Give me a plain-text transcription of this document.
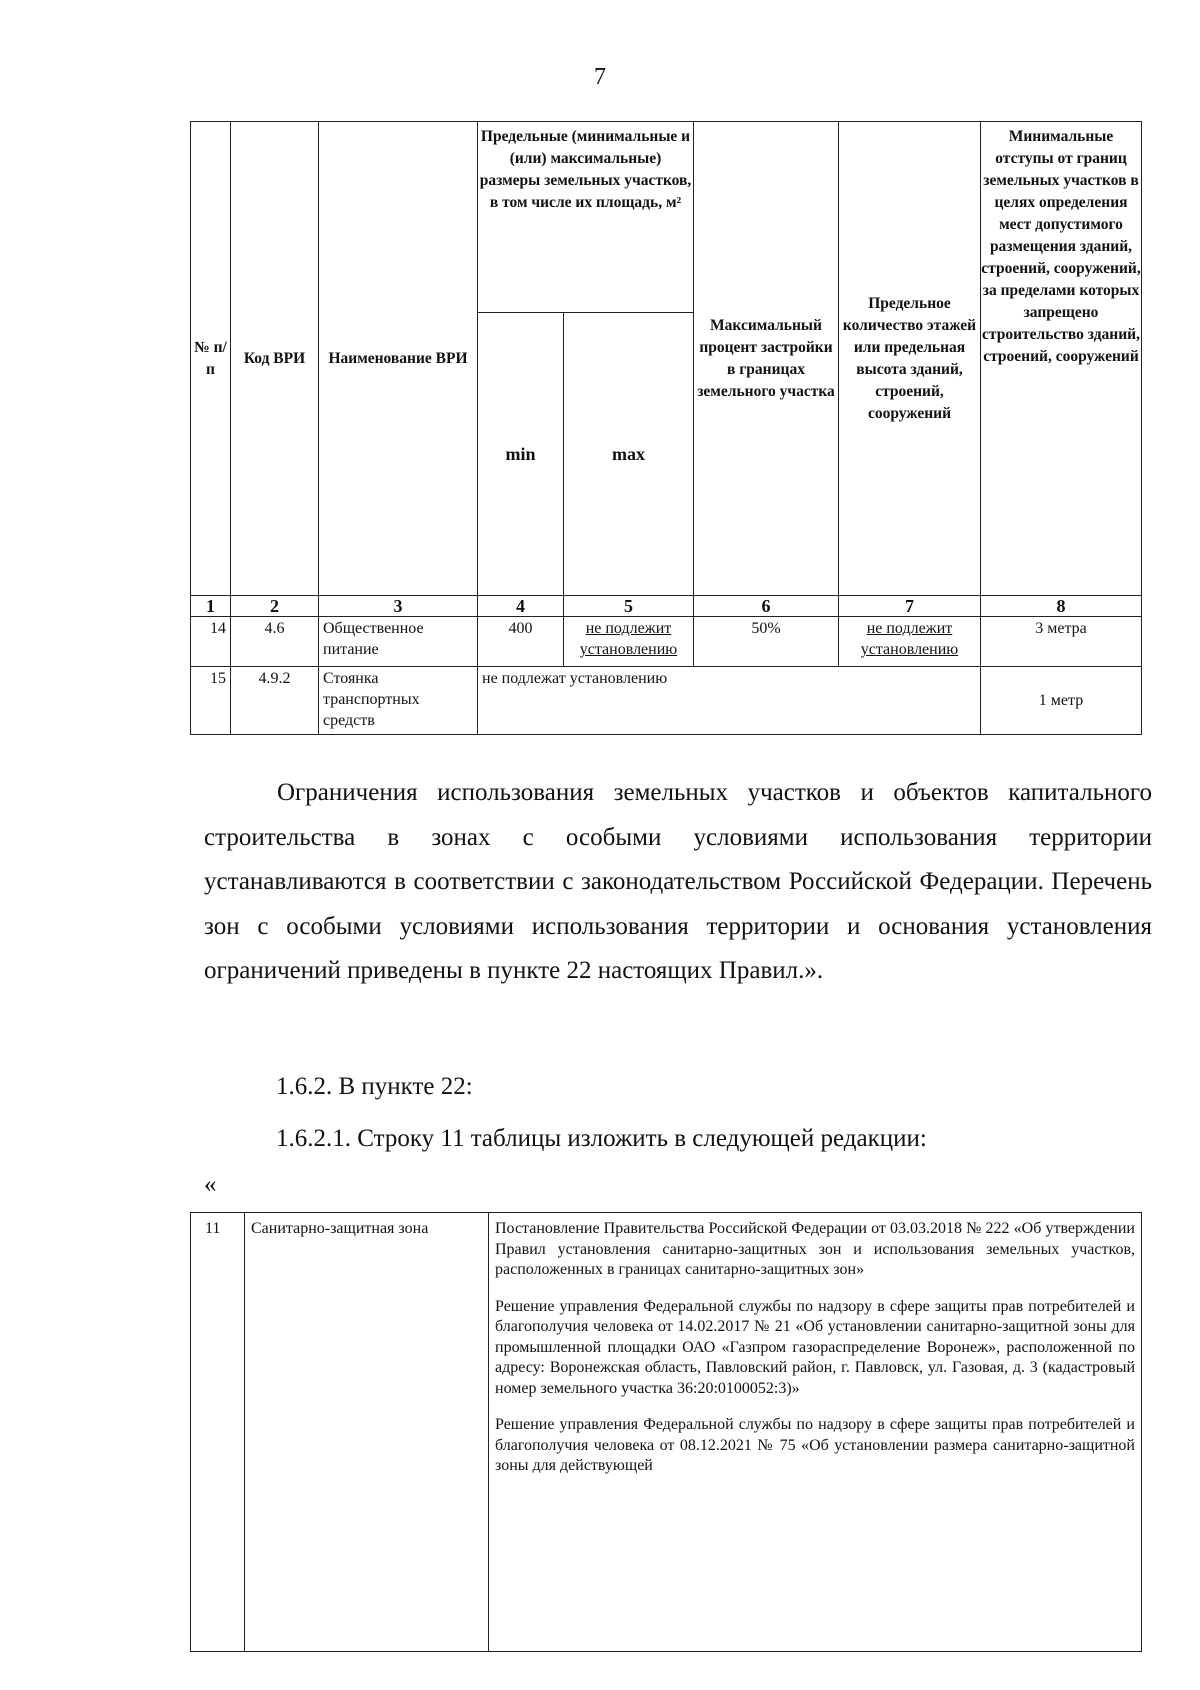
7
№ п/п	Код ВРИ	Наименование ВРИ	Предельные (минимальные и (или) максимальные) размеры земельных участков, в том числе их площадь, м²		Максимальный процент застройки в границах земельного участка	Предельное количество этажей или предельная высота зданий, строений, сооружений	Минимальные отступы от границ земельных участков в целях определения мест допустимого размещения зданий, строений, сооружений, за пределами которых запрещено строительство зданий, строений, сооружений
			min	max			
1	2	3	4	5	6	7	8
14	4.6	Общественное питание	400	не подлежит установлению	50%	не подлежит установлению	3 метра
15	4.9.2	Стоянка транспортных средств	не подлежат установлению				1 метр
Ограничения использования земельных участков и объектов капитального строительства в зонах с особыми условиями использования территории устанавливаются в соответствии с законодательством Российской Федерации. Перечень зон с особыми условиями использования территории и основания установления ограничений приведены в пункте 22 настоящих Правил.».
1.6.2. В пункте 22:
1.6.2.1. Строку 11 таблицы изложить в следующей редакции:
«
11	Санитарно-защитная зона	Постановление Правительства Российской Федерации от 03.03.2018 № 222 «Об утверждении Правил установления санитарно-защитных зон и использования земельных участков, расположенных в границах санитарно-защитных зон»

Решение управления Федеральной службы по надзору в сфере защиты прав потребителей и благополучия человека от 14.02.2017 № 21 «Об установлении санитарно-защитной зоны для промышленной площадки ОАО «Газпром газораспределение Воронеж», расположенной по адресу: Воронежская область, Павловский район, г. Павловск, ул. Газовая, д. 3 (кадастровый номер земельного участка 36:20:0100052:3)»

Решение управления Федеральной службы по надзору в сфере защиты прав потребителей и благополучия человека от 08.12.2021 № 75 «Об установлении размера санитарно-защитной зоны для действующей
